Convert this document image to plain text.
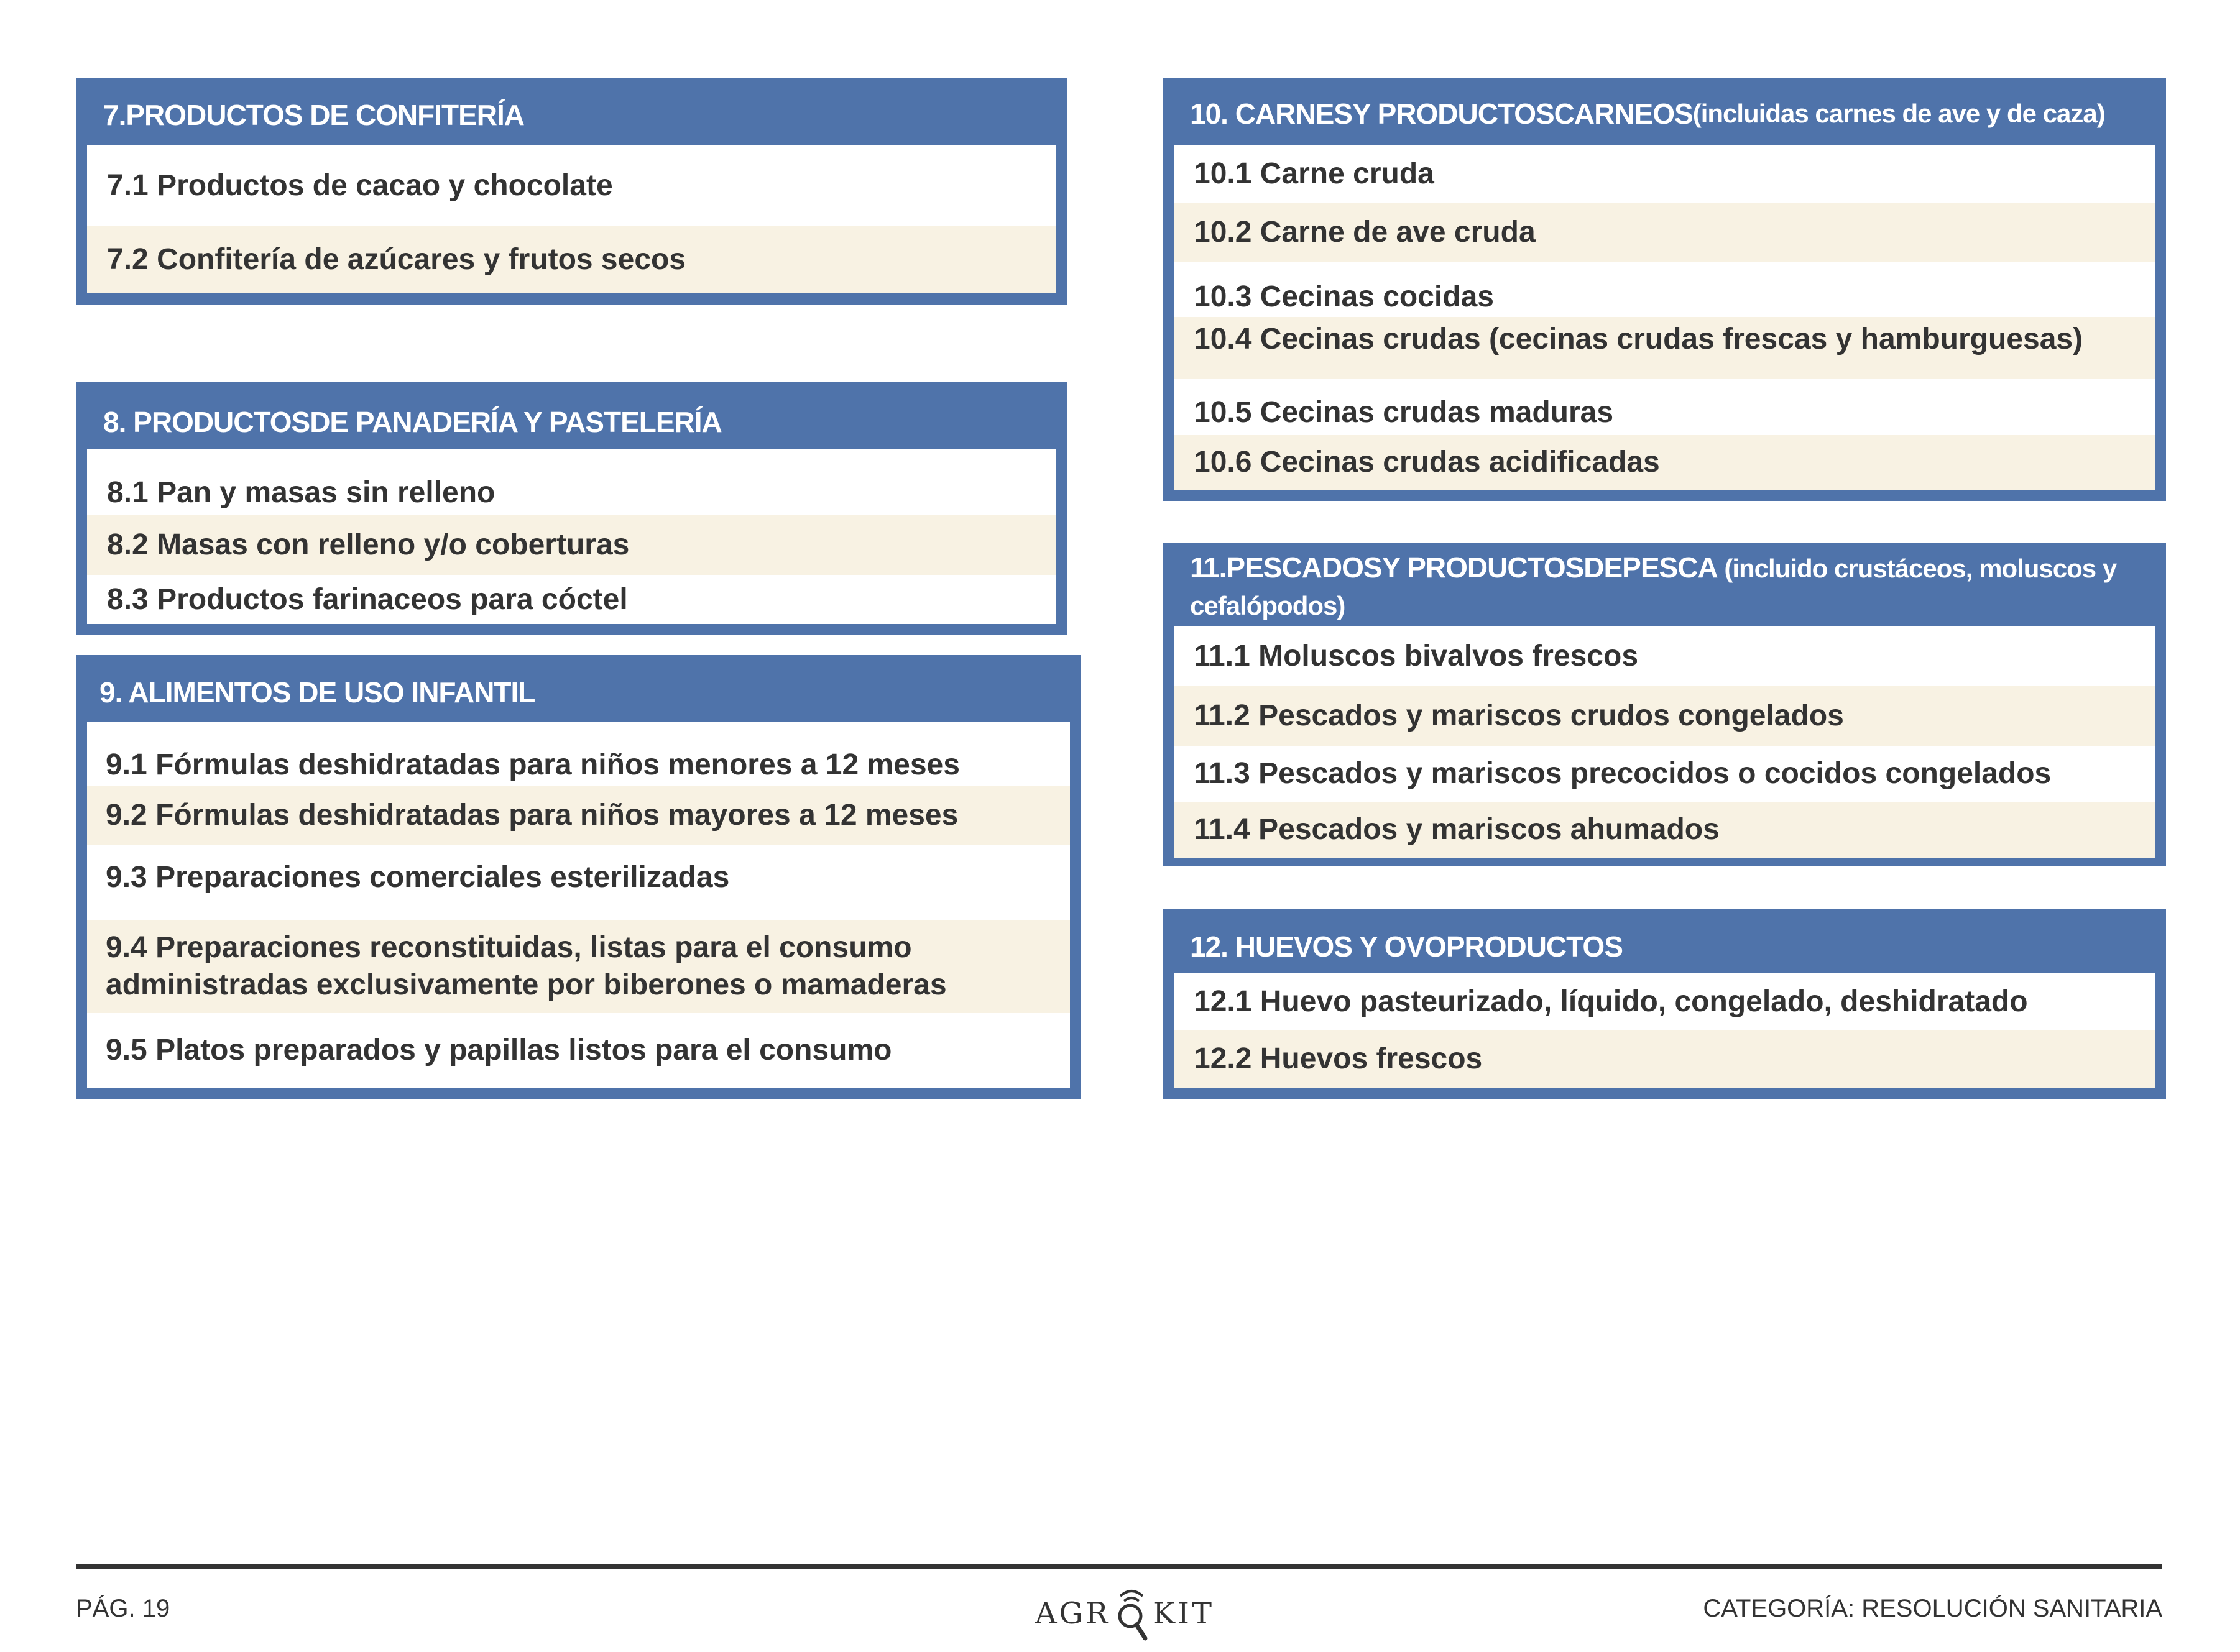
7.PRODUCTOS DE CONFITERÍA
7.1 Productos de cacao y chocolate
7.2 Confitería de azúcares y frutos secos
8. PRODUCTOSDE PANADERÍA Y PASTELERÍA
8.1 Pan y masas sin relleno
8.2 Masas con relleno y/o coberturas
8.3 Productos farinaceos para cóctel
9. ALIMENTOS DE USO INFANTIL
9.1 Fórmulas deshidratadas para niños menores a 12 meses
9.2 Fórmulas deshidratadas para niños mayores a 12 meses
9.3 Preparaciones comerciales esterilizadas
9.4 Preparaciones reconstituidas, listas para el consumo
administradas exclusivamente por biberones o mamaderas
9.5 Platos preparados y papillas listos para el consumo
10. CARNESY PRODUCTOSCARNEOS (incluidas carnes de ave y de caza)
10.1 Carne cruda
10.2 Carne de ave cruda
10.3 Cecinas cocidas
10.4 Cecinas crudas (cecinas crudas frescas y hamburguesas)
10.5 Cecinas crudas maduras
10.6 Cecinas crudas acidificadas
11.PESCADOSY PRODUCTOSDEPESCA (incluido crustáceos, moluscos y
cefalópodos)
11.1 Moluscos bivalvos frescos
11.2 Pescados y mariscos crudos congelados
11.3 Pescados y mariscos precocidos o cocidos congelados
11.4 Pescados y mariscos ahumados
12. HUEVOS Y OVOPRODUCTOS
12.1 Huevo pasteurizado, líquido, congelado, deshidratado
12.2 Huevos frescos
PÁG. 19	AGR KIT	CATEGORÍA: RESOLUCIÓN SANITARIA
